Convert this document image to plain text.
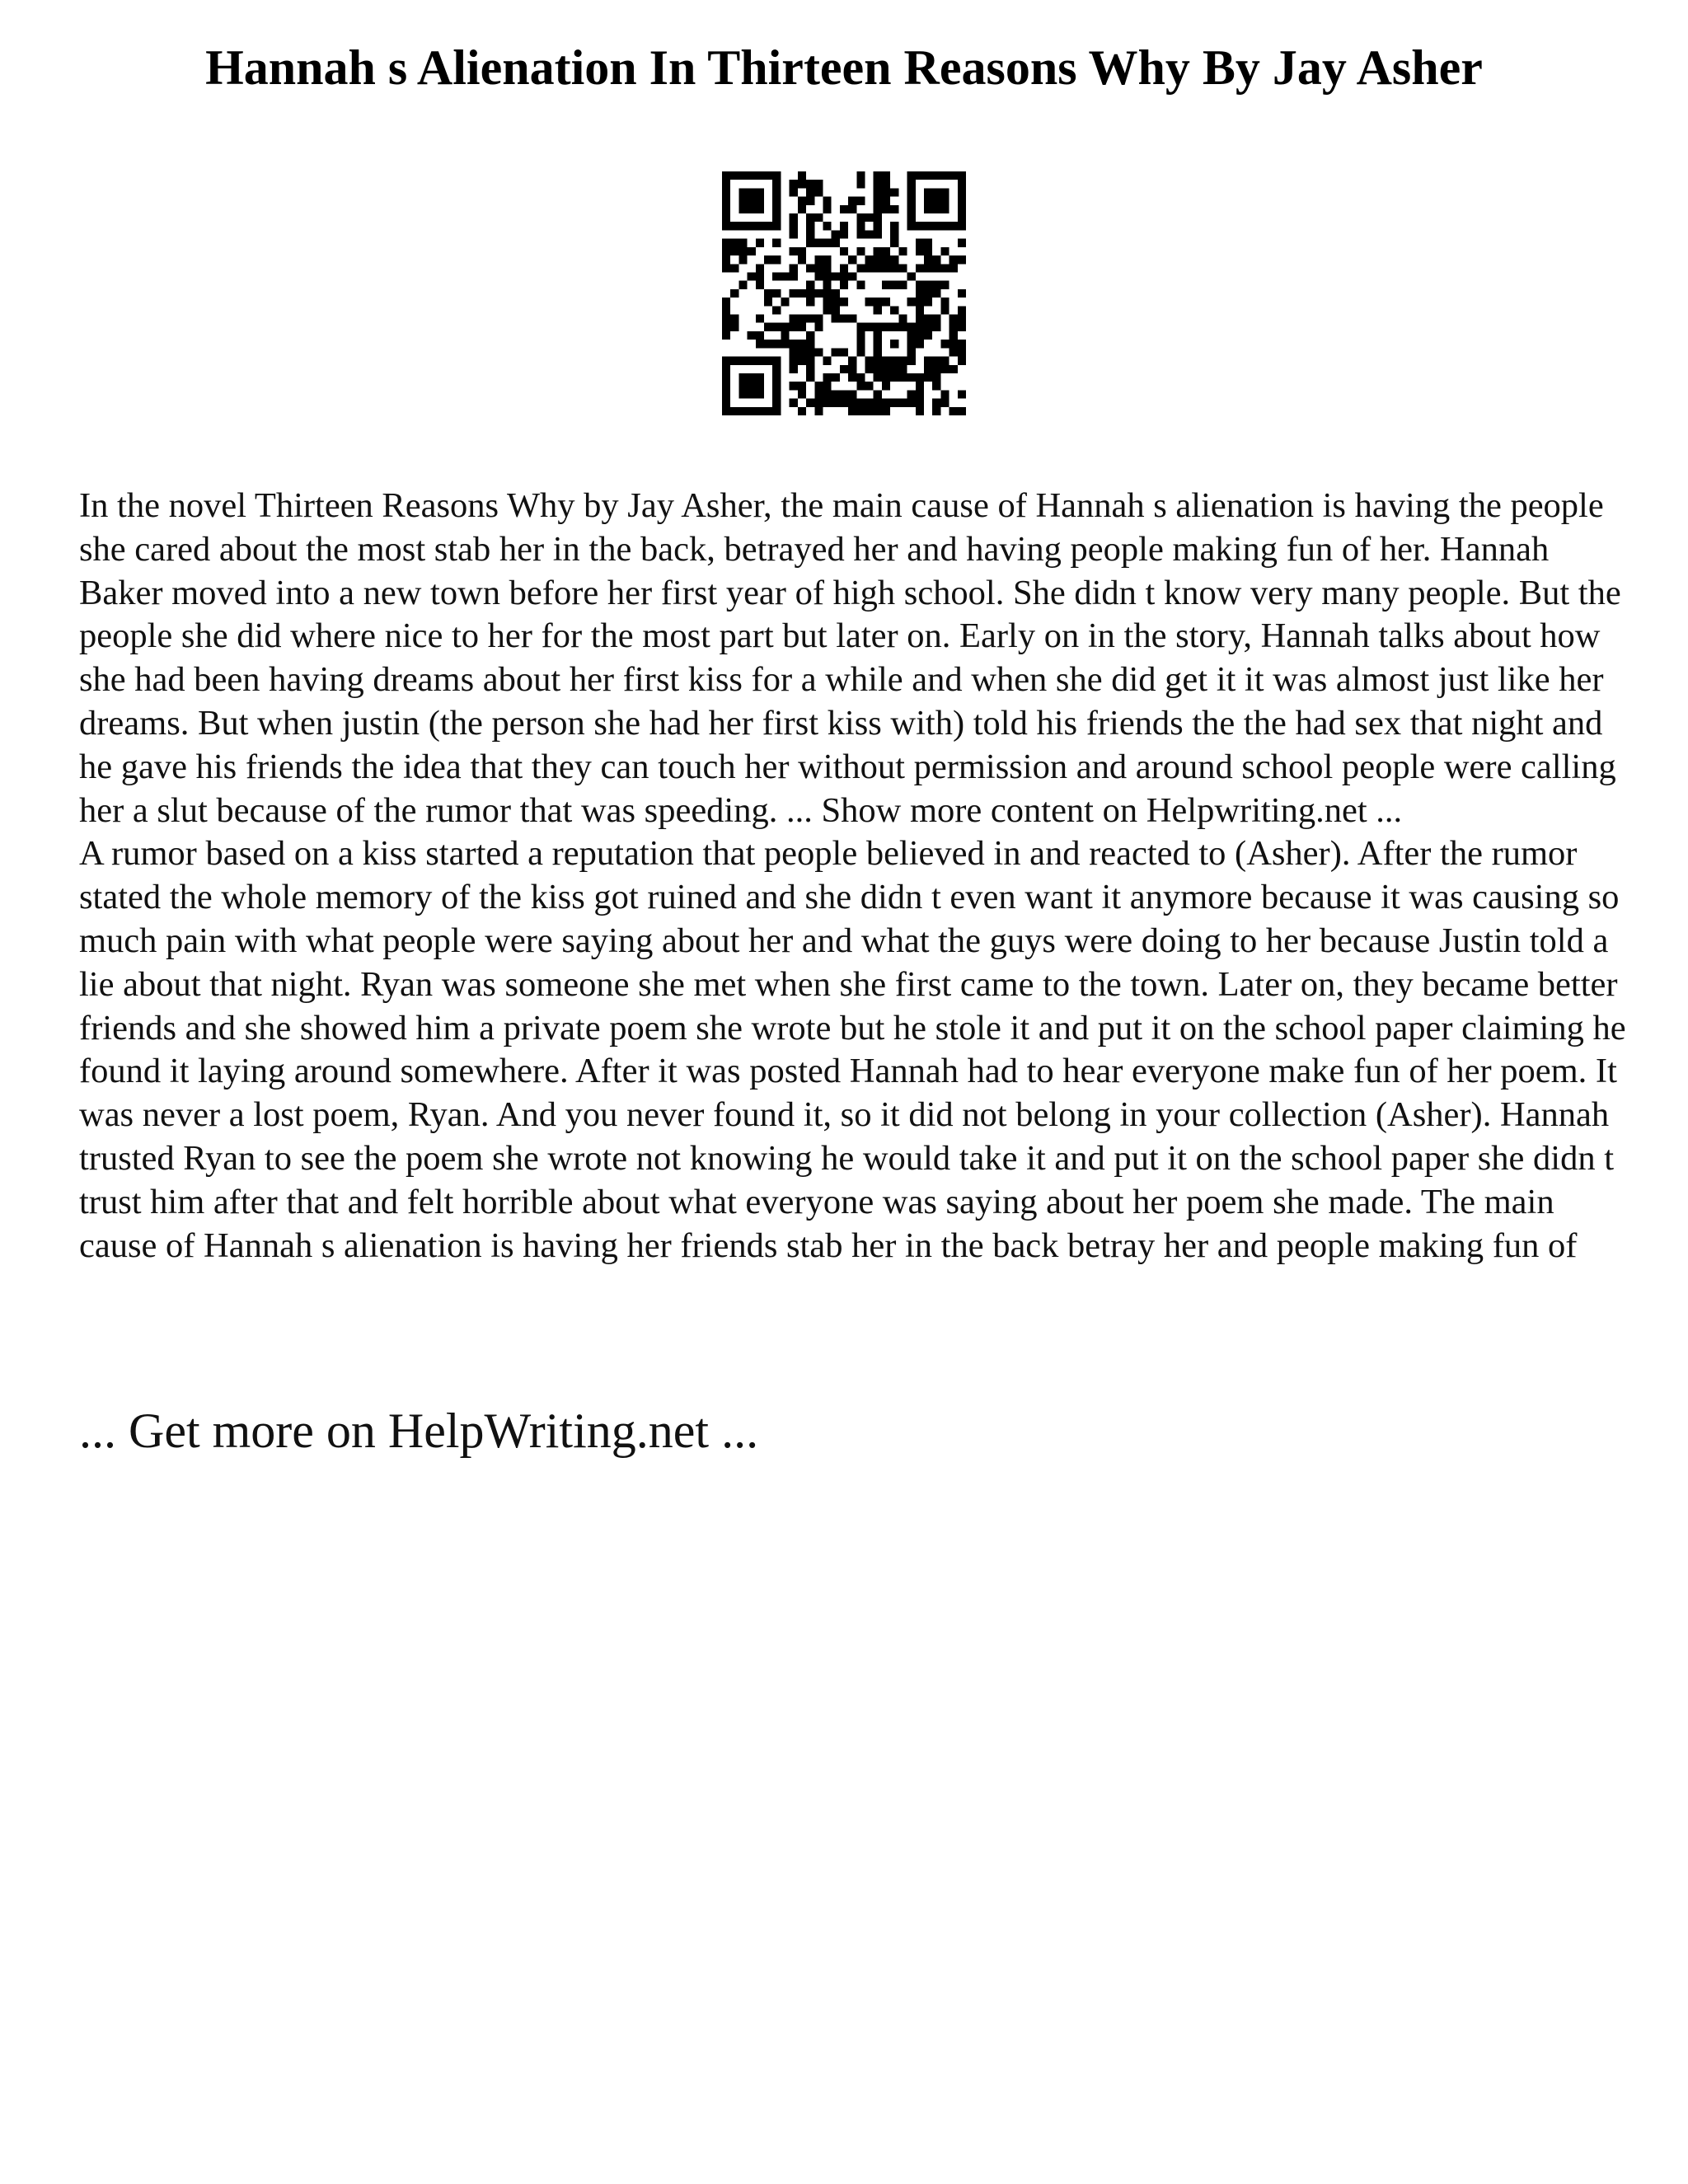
Hannah s Alienation In Thirteen Reasons Why By Jay Asher

In the novel Thirteen Reasons Why by Jay Asher, the main cause of Hannah s alienation is having the people she cared about the most stab her in the back, betrayed her and having people making fun of her. Hannah Baker moved into a new town before her first year of high school. She didn t know very many people. But the people she did where nice to her for the most part but later on. Early on in the story, Hannah talks about how she had been having dreams about her first kiss for a while and when she did get it it was almost just like her dreams. But when justin (the person she had her first kiss with) told his friends the the had sex that night and he gave his friends the idea that they can touch her without permission and around school people were calling her a slut because of the rumor that was speeding. ... Show more content on Helpwriting.net ...

A rumor based on a kiss started a reputation that people believed in and reacted to (Asher). After the rumor stated the whole memory of the kiss got ruined and she didn t even want it anymore because it was causing so much pain with what people were saying about her and what the guys were doing to her because Justin told a lie about that night. Ryan was someone she met when she first came to the town. Later on, they became better friends and she showed him a private poem she wrote but he stole it and put it on the school paper claiming he found it laying around somewhere. After it was posted Hannah had to hear everyone make fun of her poem. It was never a lost poem, Ryan. And you never found it, so it did not belong in your collection (Asher). Hannah trusted Ryan to see the poem she wrote not knowing he would take it and put it on the school paper she didn t trust him after that and felt horrible about what everyone was saying about her poem she made. The main cause of Hannah s alienation is having her friends stab her in the back betray her and people making fun of

... Get more on HelpWriting.net ...
